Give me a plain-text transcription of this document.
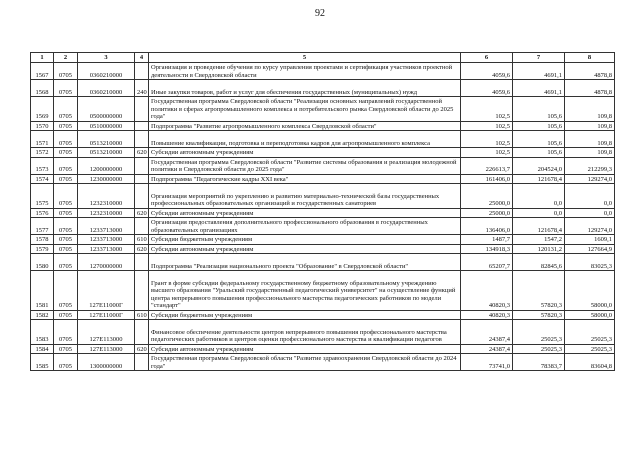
92
1	2	3	4	5	6	7	8
1567	0705	0360210000		Организация и проведение обучения по курсу управления проектами и сертификация участников проектной деятельности в Свердловской области	4059,6	4691,1	4878,8
1568	0705	0360210000	240	Иные закупки товаров, работ и услуг для обеспечения государственных (муниципальных) нужд	4059,6	4691,1	4878,8
1569	0705	0500000000		Государственная программа Свердловской области "Реализация основных направлений государственной политики в сферах агропромышленного комплекса и потребительского рынка Свердловской области до 2025 года"	102,5	105,6	109,8
1570	0705	0510000000		Подпрограмма "Развитие агропромышленного комплекса Свердловской области"	102,5	105,6	109,8
1571	0705	0513210000		Повышение квалификации, подготовка и переподготовка кадров для агропромышленного комплекса	102,5	105,6	109,8
1572	0705	0513210000	620	Субсидии автономным учреждениям	102,5	105,6	109,8
1573	0705	1200000000		Государственная программа Свердловской области "Развитие системы образования и реализация молодежной политики в Свердловской области до 2025 года"	226613,7	204524,0	212299,3
1574	0705	1230000000		Подпрограмма "Педагогические кадры XXI века"	161406,0	121678,4	129274,0
1575	0705	1232310000		Организация мероприятий по укреплению и развитию материально-технической базы государственных профессиональных образовательных организаций и государственных санаториев	25000,0	0,0	0,0
1576	0705	1232310000	620	Субсидии автономным учреждениям	25000,0	0,0	0,0
1577	0705	1233713000		Организация предоставления дополнительного профессионального образования в государственных образовательных организациях	136406,0	121678,4	129274,0
1578	0705	1233713000	610	Субсидии бюджетным учреждениям	1487,7	1547,2	1609,1
1579	0705	1233713000	620	Субсидии автономным учреждениям	134918,3	120131,2	127664,9
1580	0705	1270000000		Подпрограмма "Реализация национального проекта "Образование" в Свердловской области"	65207,7	82845,6	83025,3
1581	0705	127E11000Г		Грант в форме субсидии федеральному государственному бюджетному образовательному учреждению высшего образования "Уральский государственный педагогический университет" на осуществление функций центра непрерывного повышения профессионального мастерства педагогических работников по модели "стандарт"	40820,3	57820,3	58000,0
1582	0705	127E11000Г	610	Субсидии бюджетным учреждениям	40820,3	57820,3	58000,0
1583	0705	127E113000		Финансовое обеспечение деятельности центров непрерывного повышения профессионального мастерства педагогических работников и центров оценки профессионального мастерства и квалификации педагогов	24387,4	25025,3	25025,3
1584	0705	127E113000	620	Субсидии автономным учреждениям	24387,4	25025,3	25025,3
1585	0705	1300000000		Государственная программа Свердловской области "Развитие здравоохранения Свердловской области до 2024 года"	73741,0	78383,7	83604,8
